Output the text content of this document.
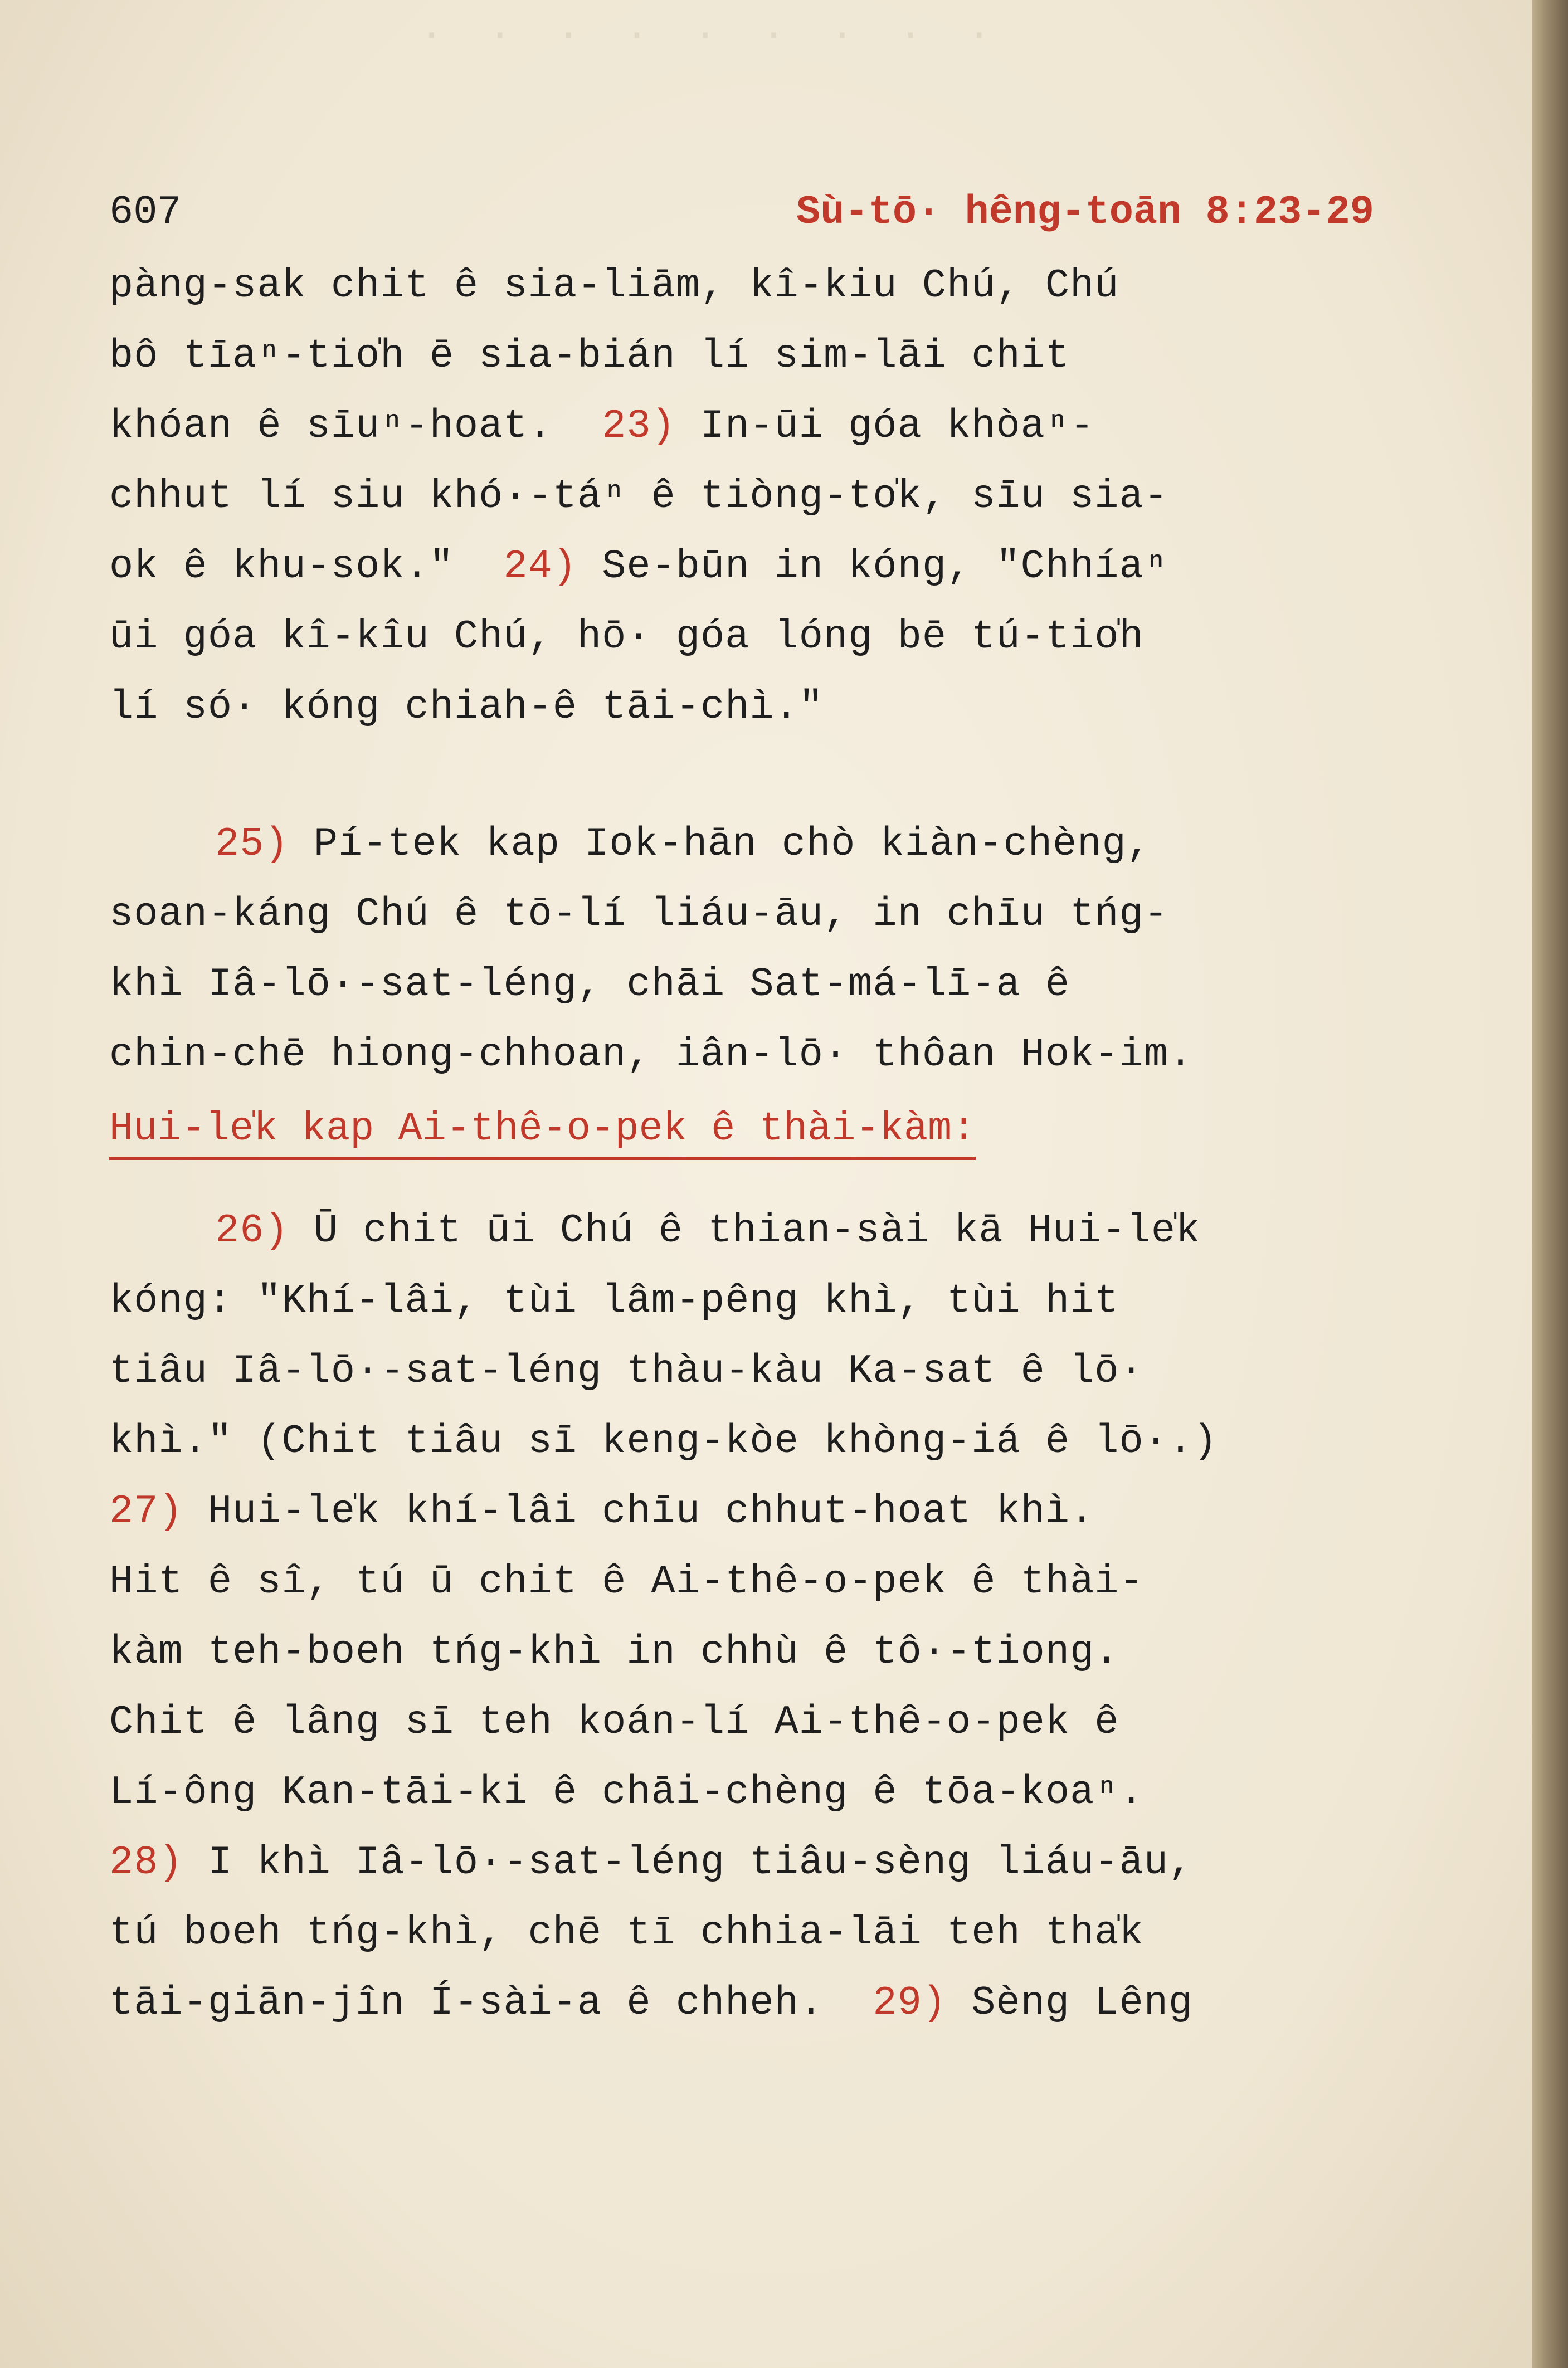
·  ·  ·  ·  ·  ·  ·  ·  ·

607	Sù-tō· hêng-toān 8:23-29
pàng-sak chit ê sia-liām, kî-kiu Chú, Chú
bô tīaⁿ-tio̍h ē sia-bián lí sim-lāi chit
khóan ê sīuⁿ-hoat.  23) In-ūi góa khòaⁿ-
chhut lí siu khó·-táⁿ ê tiòng-to̍k, sīu sia-
ok ê khu-sok."  24) Se-būn in kóng, "Chhíaⁿ
ūi góa kî-kîu Chú, hō· góa lóng bē tú-tio̍h
lí só· kóng chiah-ê tāi-chì."
25) Pí-tek kap Iok-hān chò kiàn-chèng,
soan-káng Chú ê tō-lí liáu-āu, in chīu tńg-
khì Iâ-lō·-sat-léng, chāi Sat-má-lī-a ê
chin-chē hiong-chhoan, iân-lō· thôan Hok-im.
Hui-le̍k kap Ai-thê-o-pek ê thài-kàm:
26) Ū chit ūi Chú ê thian-sài kā Hui-le̍k
kóng: "Khí-lâi, tùi lâm-pêng khì, tùi hit
tiâu Iâ-lō·-sat-léng thàu-kàu Ka-sat ê lō·
khì." (Chit tiâu sī keng-kòe khòng-iá ê lō·.)
27) Hui-le̍k khí-lâi chīu chhut-hoat khì.
Hit ê sî, tú ū chit ê Ai-thê-o-pek ê thài-
kàm teh-boeh tńg-khì in chhù ê tô·-tiong.
Chit ê lâng sī teh koán-lí Ai-thê-o-pek ê
Lí-ông Kan-tāi-ki ê chāi-chèng ê tōa-koaⁿ.
28) I khì Iâ-lō·-sat-léng tiâu-sèng liáu-āu,
tú boeh tńg-khì, chē tī chhia-lāi teh tha̍k
tāi-giān-jîn Í-sài-a ê chheh.  29) Sèng Lêng
